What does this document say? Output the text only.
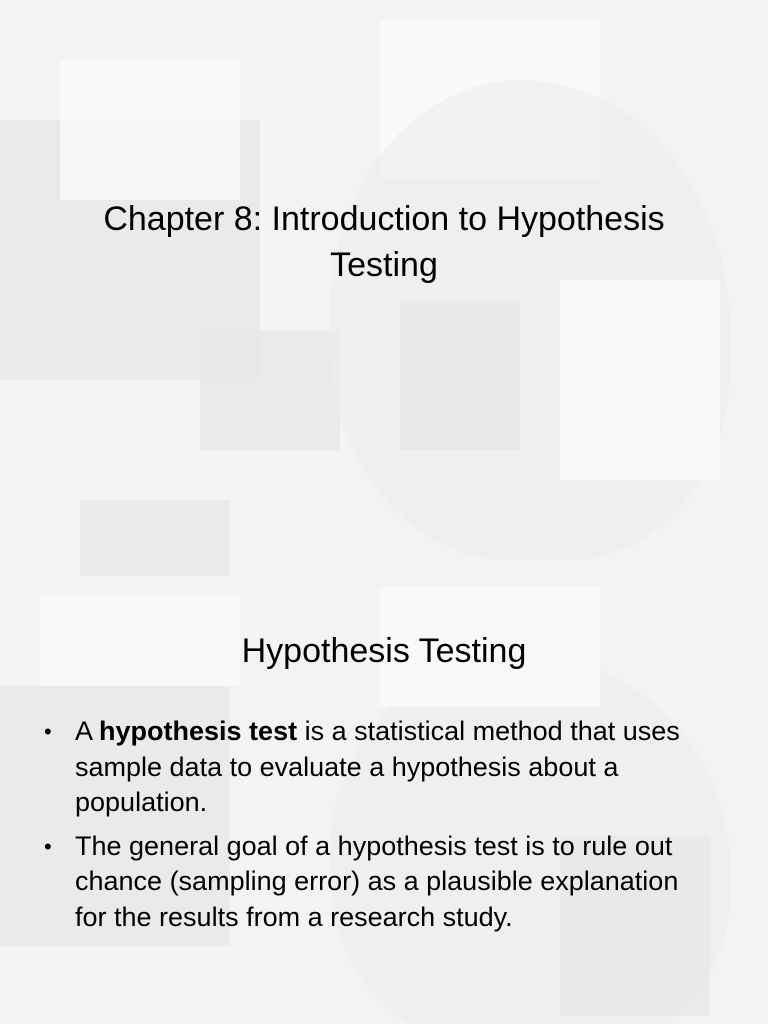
Chapter 8: Introduction to Hypothesis
Testing
Hypothesis Testing
• A hypothesis test is a statistical method that uses sample data to evaluate a hypothesis about a population.
• The general goal of a hypothesis test is to rule out chance (sampling error) as a plausible explanation for the results from a research study.
